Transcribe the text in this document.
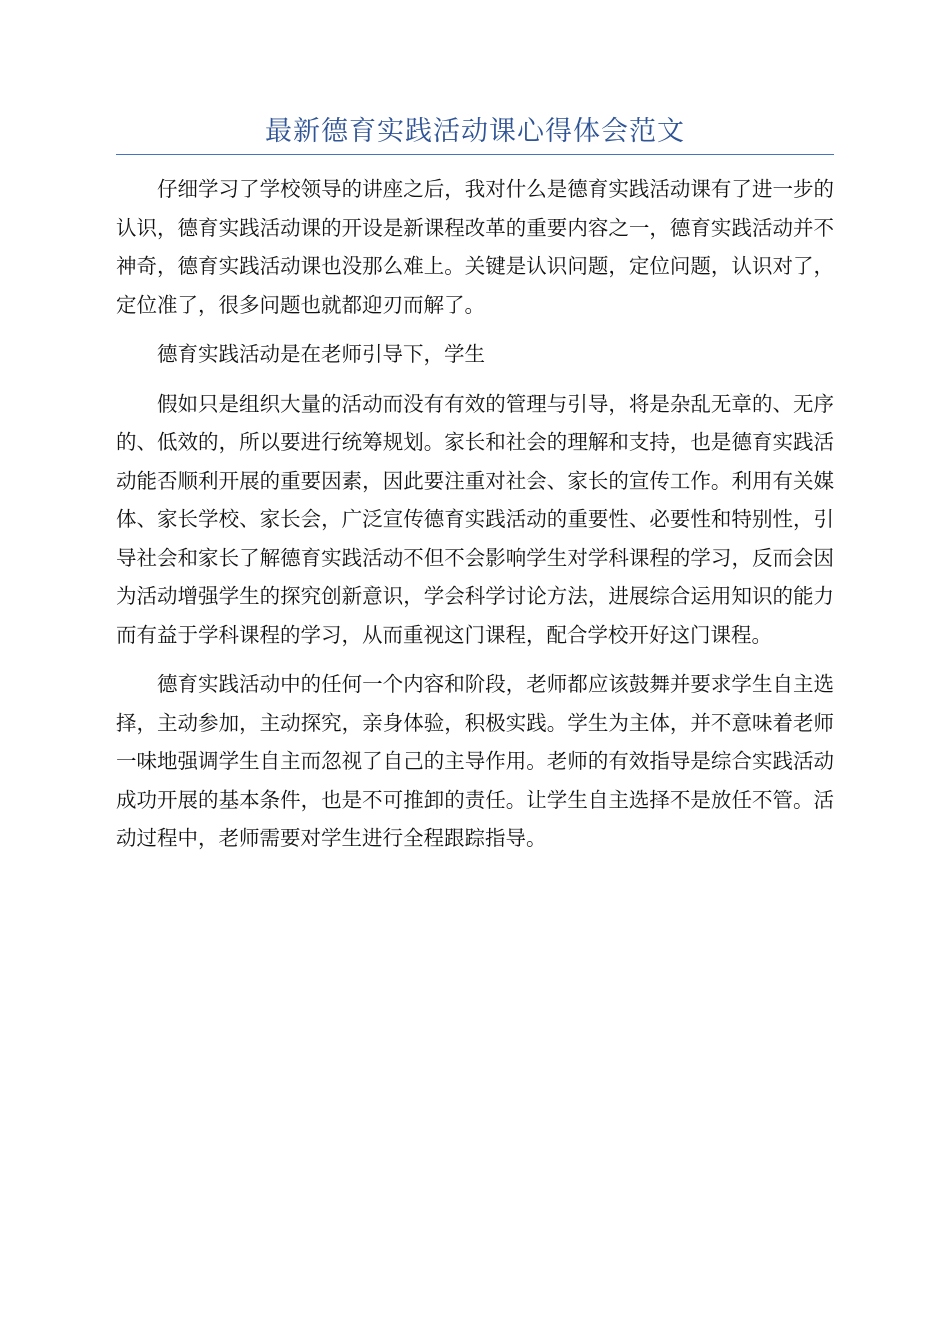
最新德育实践活动课心得体会范文

仔细学习了学校领导的讲座之后，我对什么是德育实践活动课有了进一步的认识，德育实践活动课的开设是新课程改革的重要内容之一，德育实践活动并不神奇，德育实践活动课也没那么难上。关键是认识问题，定位问题，认识对了，定位准了，很多问题也就都迎刃而解了。

德育实践活动是在老师引导下，学生

假如只是组织大量的活动而没有有效的管理与引导，将是杂乱无章的、无序的、低效的，所以要进行统筹规划。家长和社会的理解和支持，也是德育实践活动能否顺利开展的重要因素，因此要注重对社会、家长的宣传工作。利用有关媒体、家长学校、家长会，广泛宣传德育实践活动的重要性、必要性和特别性，引导社会和家长了解德育实践活动不但不会影响学生对学科课程的学习，反而会因为活动增强学生的探究创新意识，学会科学讨论方法，进展综合运用知识的能力而有益于学科课程的学习，从而重视这门课程，配合学校开好这门课程。

德育实践活动中的任何一个内容和阶段，老师都应该鼓舞并要求学生自主选择，主动参加，主动探究，亲身体验，积极实践。学生为主体，并不意味着老师一味地强调学生自主而忽视了自己的主导作用。老师的有效指导是综合实践活动成功开展的基本条件，也是不可推卸的责任。让学生自主选择不是放任不管。活动过程中，老师需要对学生进行全程跟踪指导。
